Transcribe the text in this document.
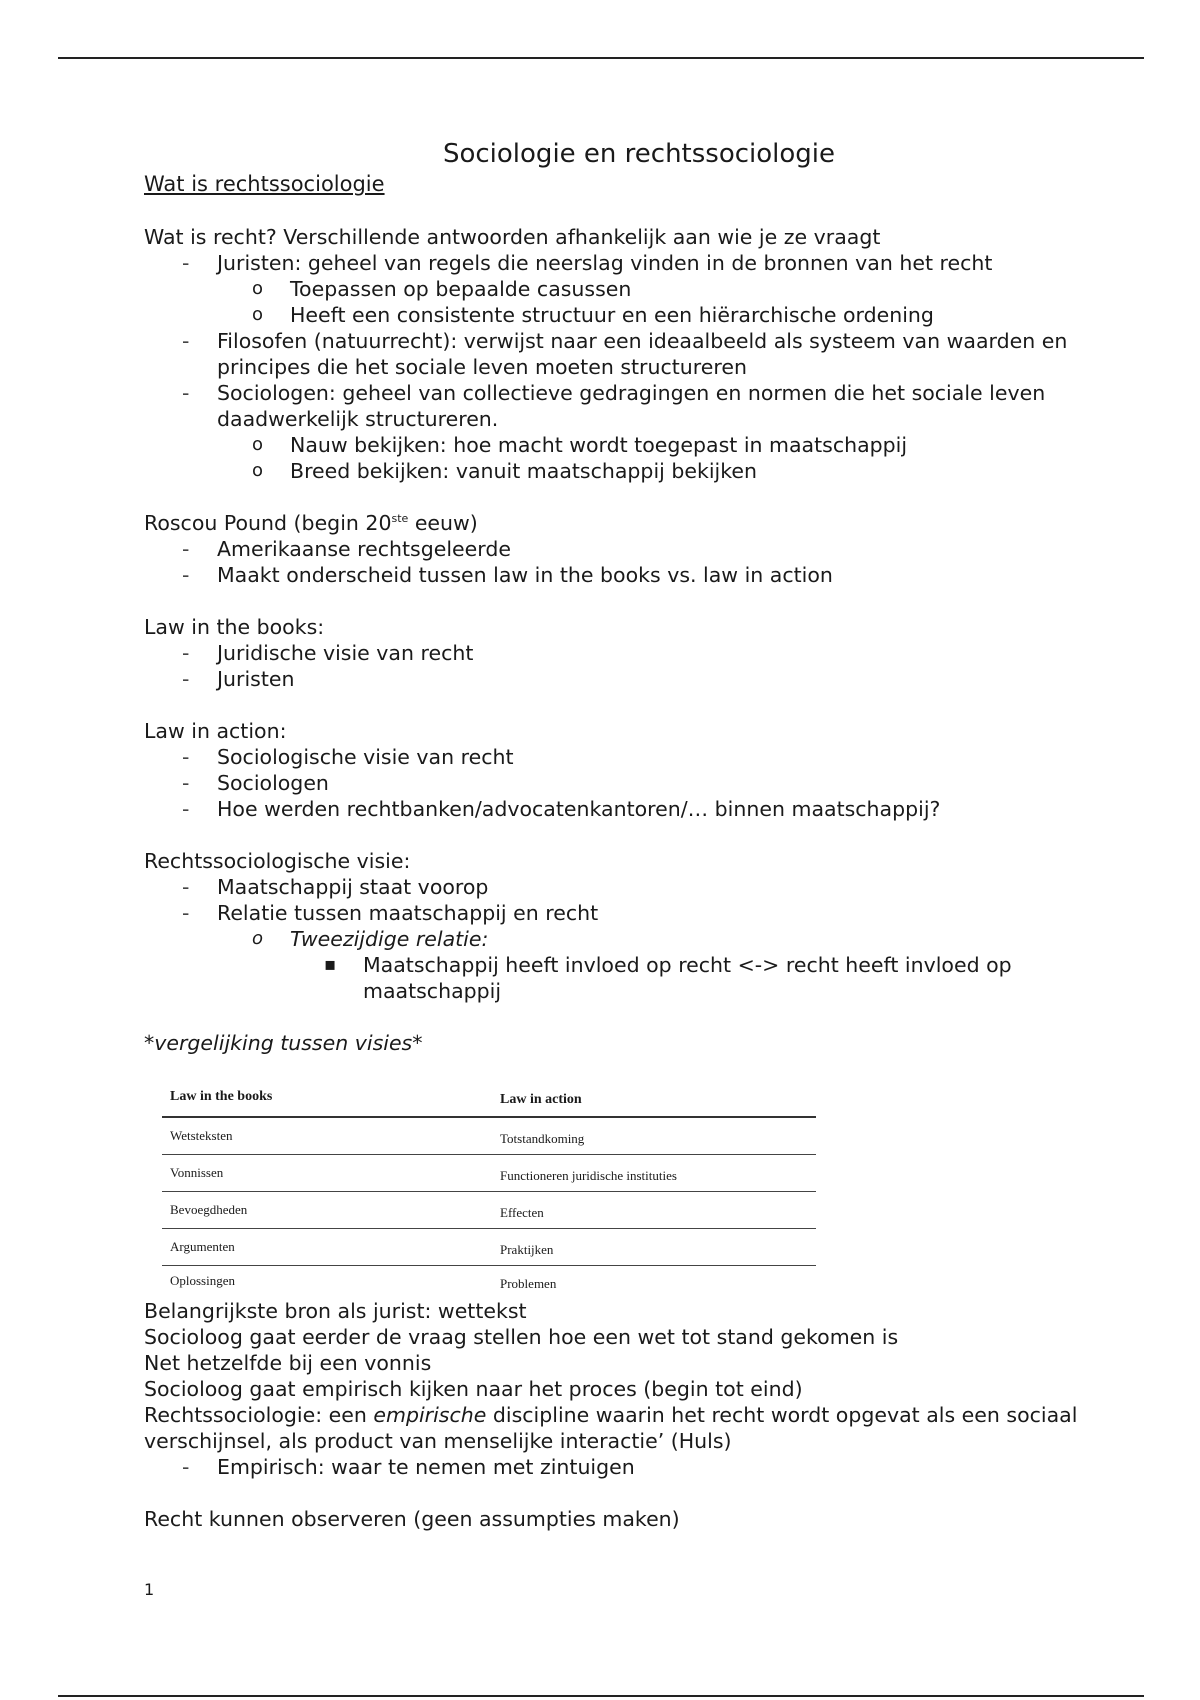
Sociologie en rechtssociologie
Wat is rechtssociologie

Wat is recht? Verschillende antwoorden afhankelijk aan wie je ze vraagt

- Juristen: geheel van regels die neerslag vinden in de bronnen van het recht
o Toepassen op bepaalde casussen
o Heeft een consistente structuur en een hiërarchische ordening
- Filosofen (natuurrecht): verwijst naar een ideaalbeeld als systeem van waarden en principes die het sociale leven moeten structureren
- Sociologen: geheel van collectieve gedragingen en normen die het sociale leven daadwerkelijk structureren.
o Nauw bekijken: hoe macht wordt toegepast in maatschappij
o Breed bekijken: vanuit maatschappij bekijken

Roscou Pound (begin 20ste eeuw)

- Amerikaanse rechtsgeleerde
- Maakt onderscheid tussen law in the books vs. law in action

Law in the books:

- Juridische visie van recht
- Juristen

Law in action:

- Sociologische visie van recht
- Sociologen
- Hoe werden rechtbanken/advocatenkantoren/… binnen maatschappij?

Rechtssociologische visie:

- Maatschappij staat voorop
- Relatie tussen maatschappij en recht
o Tweezijdige relatie:
▪ Maatschappij heeft invloed op recht <-> recht heeft invloed op maatschappij

*vergelijking tussen visies*

Law in the books	Law in action
Wetsteksten	Totstandkoming
Vonnissen	Functioneren juridische instituties
Bevoegdheden	Effecten
Argumenten	Praktijken
Oplossingen	Problemen

Belangrijkste bron als jurist: wettekst

Socioloog gaat eerder de vraag stellen hoe een wet tot stand gekomen is

Net hetzelfde bij een vonnis

Socioloog gaat empirisch kijken naar het proces (begin tot eind)

Rechtssociologie: een empirische discipline waarin het recht wordt opgevat als een sociaal verschijnsel, als product van menselijke interactie’ (Huls)

- Empirisch: waar te nemen met zintuigen

Recht kunnen observeren (geen assumpties maken)

1
